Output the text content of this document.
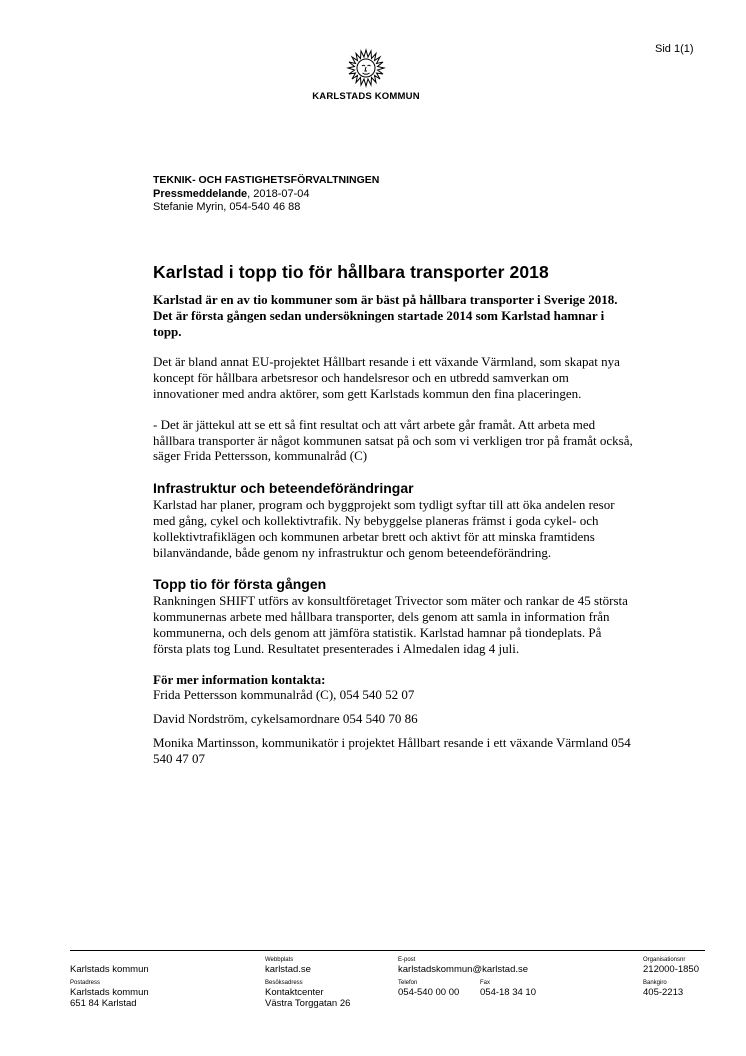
Sid 1(1)
KARLSTADS KOMMUN
TEKNIK- OCH FASTIGHETSFÖRVALTNINGEN
Pressmeddelande, 2018-07-04
Stefanie Myrin, 054-540 46 88
Karlstad i topp tio för hållbara transporter 2018

Karlstad är en av tio kommuner som är bäst på hållbara transporter i Sverige 2018. Det är första gången sedan undersökningen startade 2014 som Karlstad hamnar i topp.

Det är bland annat EU-projektet Hållbart resande i ett växande Värmland, som skapat nya koncept för hållbara arbetsresor och handelsresor och en utbredd samverkan om innovationer med andra aktörer, som gett Karlstads kommun den fina placeringen.

- Det är jättekul att se ett så fint resultat och att vårt arbete går framåt. Att arbeta med hållbara transporter är något kommunen satsat på och som vi verkligen tror på framåt också, säger Frida Pettersson, kommunalråd (C)

Infrastruktur och beteendeförändringar

Karlstad har planer, program och byggprojekt som tydligt syftar till att öka andelen resor med gång, cykel och kollektivtrafik. Ny bebyggelse planeras främst i goda cykel- och kollektivtrafiklägen och kommunen arbetar brett och aktivt för att minska framtidens bilanvändande, både genom ny infrastruktur och genom beteendeförändring.

Topp tio för första gången

Rankningen SHIFT utförs av konsultföretaget Trivector som mäter och rankar de 45 största kommunernas arbete med hållbara transporter, dels genom att samla in information från kommunerna, och dels genom att jämföra statistik. Karlstad hamnar på tiondeplats. På första plats tog Lund. Resultatet presenterades i Almedalen idag 4 juli.

För mer information kontakta:

Frida Pettersson kommunalråd (C), 054 540 52 07

David Nordström, cykelsamordnare 054 540 70 86

Monika Martinsson, kommunikatör i projektet Hållbart resande i ett växande Värmland 054 540 47 07

Karlstads kommun
Postadress
Karlstads kommun
651 84 Karlstad
Webbplats
karlstad.se
Besöksadress
Kontaktcenter
Västra Torggatan 26
E-post
karlstadskommun@karlstad.se
Telefon
054-540 00 00
Fax
054-18 34 10
Organisationsnr
212000-1850
Bankgiro
405-2213
